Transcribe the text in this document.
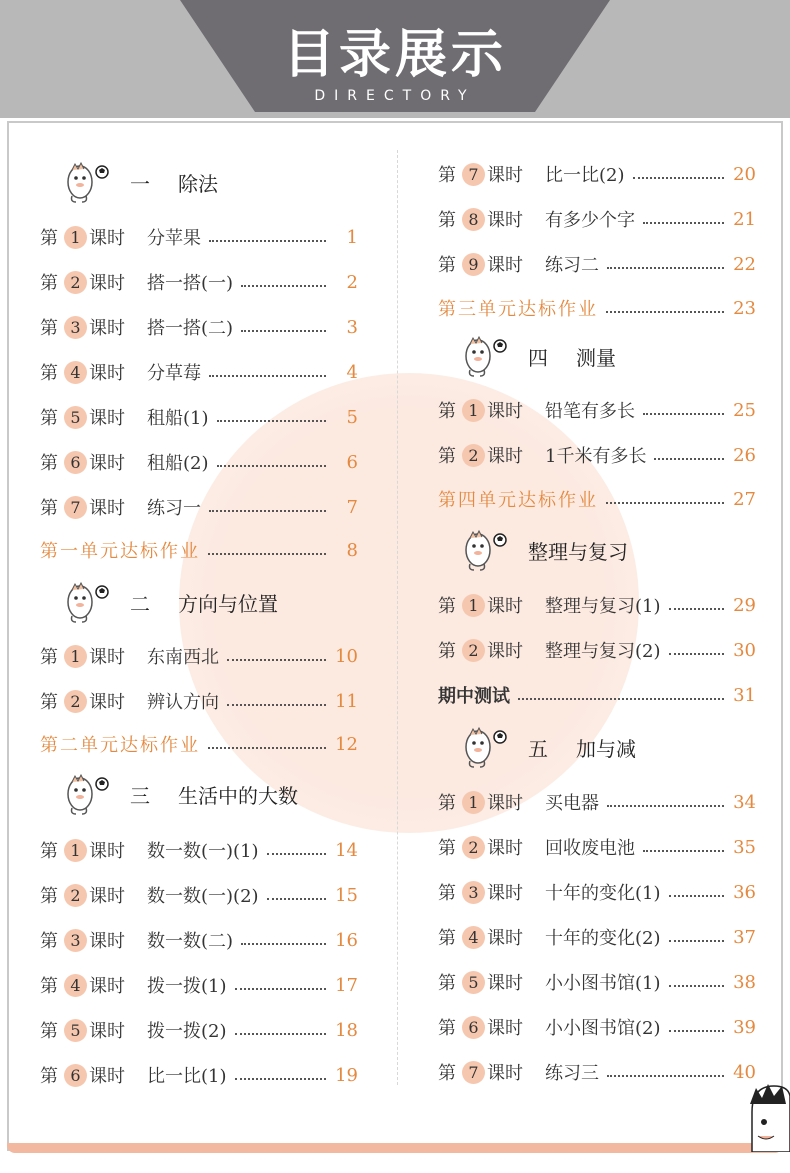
目录展示
DIRECTORY
一 除法
第 1 课时 分苹果	1
第 2 课时 搭一搭(一)	2
第 3 课时 搭一搭(二)	3
第 4 课时 分草莓	4
第 5 课时 租船(1)	5
第 6 课时 租船(2)	6
第 7 课时 练习一	7
第一单元达标作业	8
二 方向与位置
第 1 课时 东南西北	10
第 2 课时 辨认方向	11
第二单元达标作业	12
三 生活中的大数
第 1 课时 数一数(一)(1)	14
第 2 课时 数一数(一)(2)	15
第 3 课时 数一数(二)	16
第 4 课时 拨一拨(1)	17
第 5 课时 拨一拨(2)	18
第 6 课时 比一比(1)	19
第 7 课时 比一比(2)	20
第 8 课时 有多少个字	21
第 9 课时 练习二	22
第三单元达标作业	23
四 测量
第 1 课时 铅笔有多长	25
第 2 课时 1千米有多长	26
第四单元达标作业	27
整理与复习
第 1 课时 整理与复习(1)	29
第 2 课时 整理与复习(2)	30
期中测试	31
五 加与减
第 1 课时 买电器	34
第 2 课时 回收废电池	35
第 3 课时 十年的变化(1)	36
第 4 课时 十年的变化(2)	37
第 5 课时 小小图书馆(1)	38
第 6 课时 小小图书馆(2)	39
第 7 课时 练习三	40
